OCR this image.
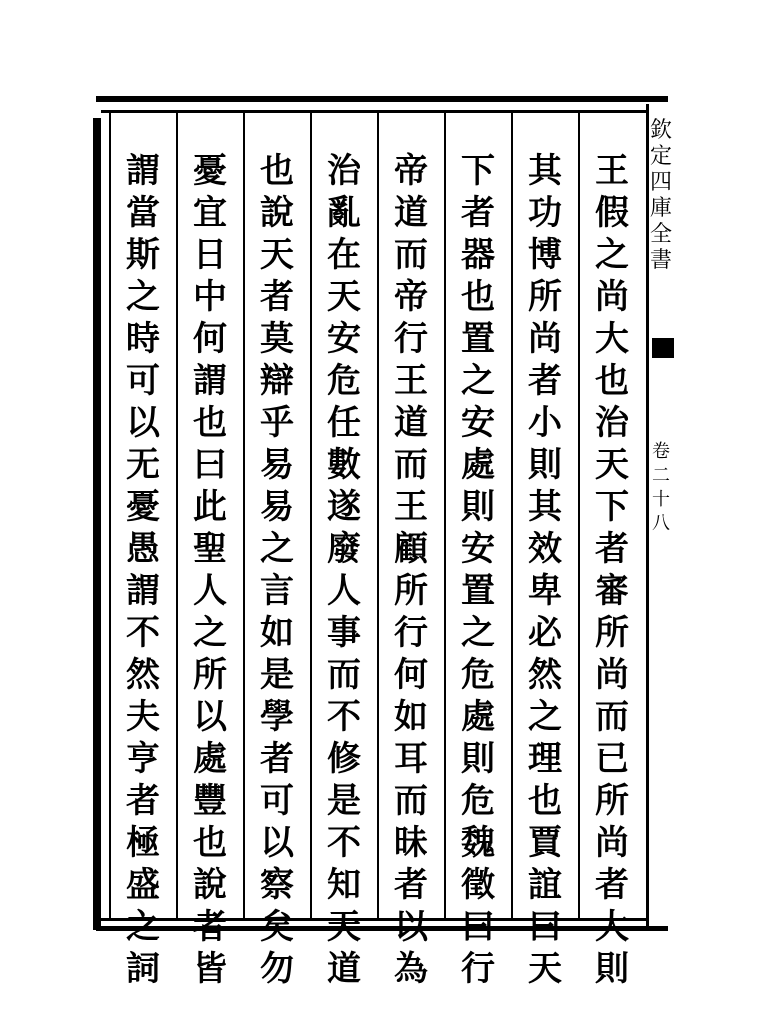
欽
定
四
庫
全
書
卷
二
十
八
王
假
之
尚
大
也
治
天
下
者
審
所
尚
而
已
所
尚
者
大
則
其
功
博
所
尚
者
小
則
其
效
卑
必
然
之
理
也
賈
誼
曰
天
下
者
器
也
置
之
安
處
則
安
置
之
危
處
則
危
魏
徵
曰
行
帝
道
而
帝
行
王
道
而
王
顧
所
行
何
如
耳
而
昧
者
以
為
治
亂
在
天
安
危
任
數
遂
廢
人
事
而
不
修
是
不
知
天
道
也
說
天
者
莫
辯
乎
易
易
之
言
如
是
學
者
可
以
察
矣
勿
憂
宜
日
中
何
謂
也
曰
此
聖
人
之
所
以
處
豐
也
說
者
皆
謂
當
斯
之
時
可
以
无
憂
愚
謂
不
然
夫
亨
者
極
盛
之
詞
